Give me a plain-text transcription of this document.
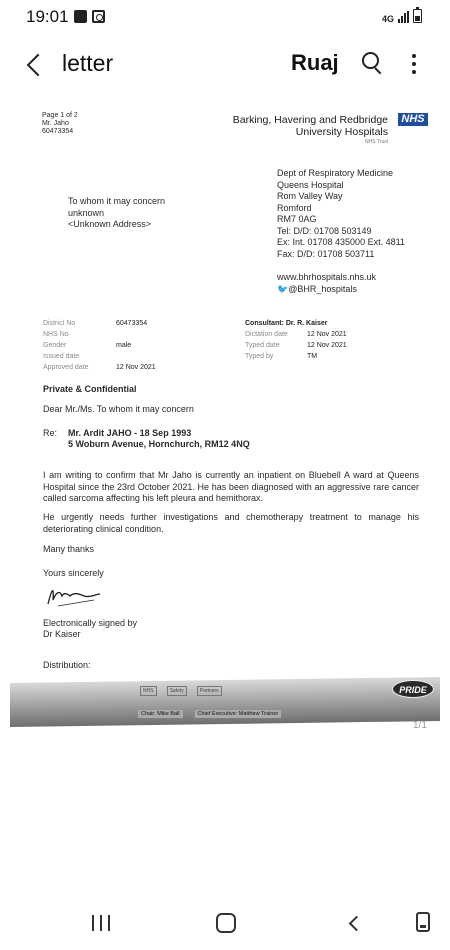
19:01	4G
letter	Ruaj
Page 1 of 2
Mr. Jaho
60473354
Barking, Havering and Redbridge
University Hospitals
NHS
NHS Trust
Dept of Respiratory Medicine
Queens Hospital
Rom Valley Way
Romford
RM7 0AG
Tel: D/D: 01708 503149
Ex: Int. 01708 435000 Ext. 4811
Fax: D/D: 01708 503711
www.bhrhospitals.nhs.uk
🐦@BHR_hospitals
To whom it may concern
unknown
<Unknown Address>
District No	60473354
NHS No
Gender	male
Issued date
Approved date	12 Nov 2021
Consultant: Dr. R. Kaiser
Dictation date	12 Nov 2021
Typed date	12 Nov 2021
Typed by	TM
Private & Confidential
Dear Mr./Ms. To whom it may concern
Re: Mr. Ardit JAHO - 18 Sep 1993
5 Woburn Avenue, Hornchurch, RM12 4NQ
I am writing to confirm that Mr Jaho is currently an inpatient on Bluebell A ward at Queens Hospital since the 23rd October 2021. He has been diagnosed with an aggressive rare cancer called sarcoma affecting his left pleura and hemithorax.
He urgently needs further investigations and chemotherapy treatment to manage his deteriorating clinical condition.
Many thanks
Yours sincerely
Electronically signed by
Dr Kaiser
Distribution:
NHS	Safety	Partners	PRIDE
Chair: Mike Ball	Chief Executive: Matthew Trainer
1/1
